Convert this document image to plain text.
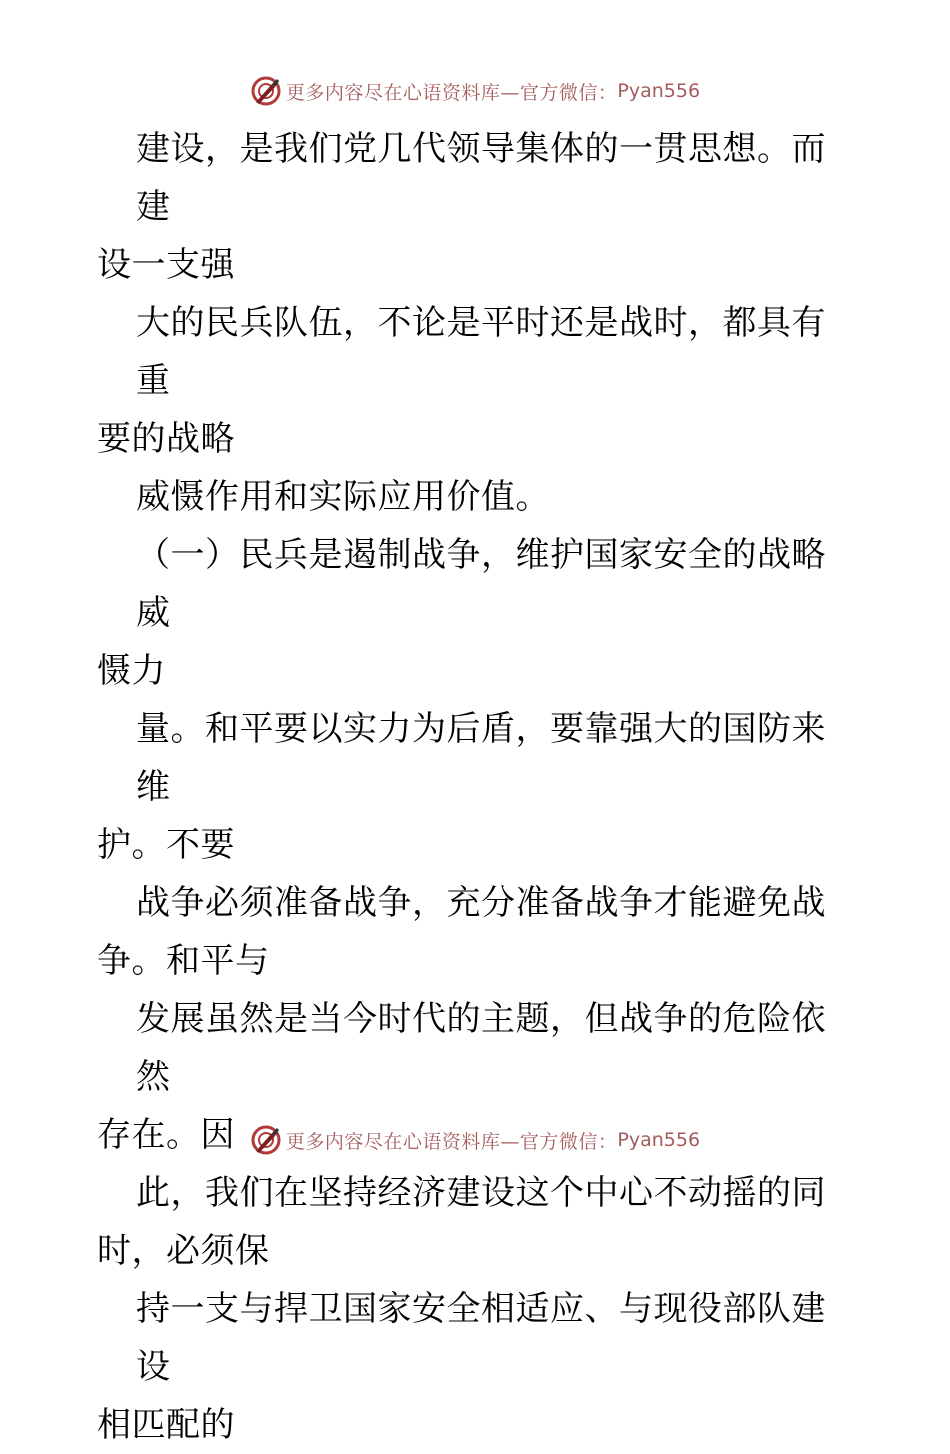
更多内容尽在心语资料库—官方微信： Pyan556

建设，是我们党几代领导集体的一贯思想。而建

设一支强

大的民兵队伍，不论是平时还是战时，都具有重

要的战略

威慑作用和实际应用价值。

（一）民兵是遏制战争，维护国家安全的战略威

慑力

量。和平要以实力为后盾，要靠强大的国防来维

护。不要

战争必须准备战争，充分准备战争才能避免战

争。和平与

发展虽然是当今时代的主题，但战争的危险依然

存在。因

此，我们在坚持经济建设这个中心不动摇的同

时，必须保

持一支与捍卫国家安全相适应、与现役部队建设

相匹配的

更多内容尽在心语资料库—官方微信： Pyan556
